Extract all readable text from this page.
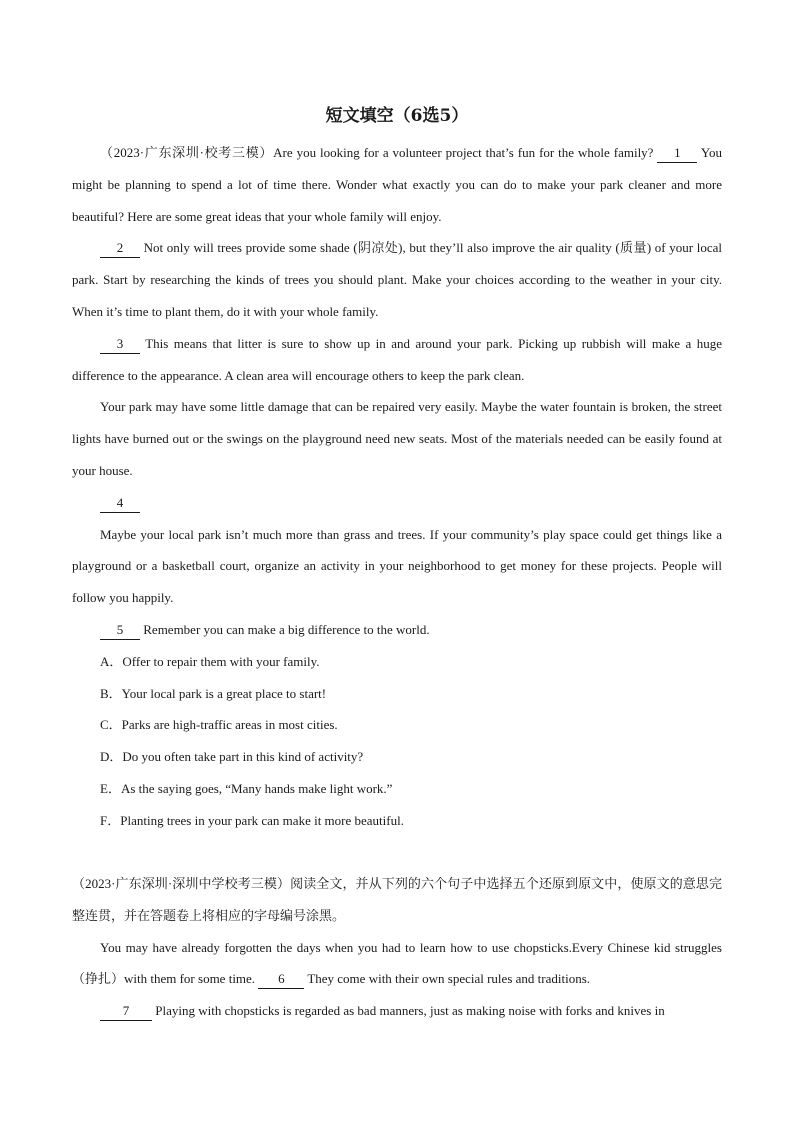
短文填空（6选5）

（2023·广东深圳·校考三模）Are you looking for a volunteer project that’s fun for the whole family? 1 You might be planning to spend a lot of time there. Wonder what exactly you can do to make your park cleaner and more beautiful? Here are some great ideas that your whole family will enjoy.

2 Not only will trees provide some shade (阴凉处), but they’ll also improve the air quality (质量) of your local park. Start by researching the kinds of trees you should plant. Make your choices according to the weather in your city. When it’s time to plant them, do it with your whole family.

3 This means that litter is sure to show up in and around your park. Picking up rubbish will make a huge difference to the appearance. A clean area will encourage others to keep the park clean.

Your park may have some little damage that can be repaired very easily. Maybe the water fountain is broken, the street lights have burned out or the swings on the playground need new seats. Most of the materials needed can be easily found at your house.

4

Maybe your local park isn’t much more than grass and trees. If your community’s play space could get things like a playground or a basketball court, organize an activity in your neighborhood to get money for these projects. People will follow you happily.

5 Remember you can make a big difference to the world.

A．Offer to repair them with your family.

B．Your local park is a great place to start!

C．Parks are high-traffic areas in most cities.

D．Do you often take part in this kind of activity?

E．As the saying goes, “Many hands make light work.”

F．Planting trees in your park can make it more beautiful.

（2023·广东深圳·深圳中学校考三模）阅读全文，并从下列的六个句子中选择五个还原到原文中，使原文的意思完整连贯，并在答题卷上将相应的字母编号涂黑。

You may have already forgotten the days when you had to learn how to use chopsticks.Every Chinese kid struggles（挣扎）with them for some time. 6 They come with their own special rules and traditions.

7 Playing with chopsticks is regarded as bad manners, just as making noise with forks and knives in
